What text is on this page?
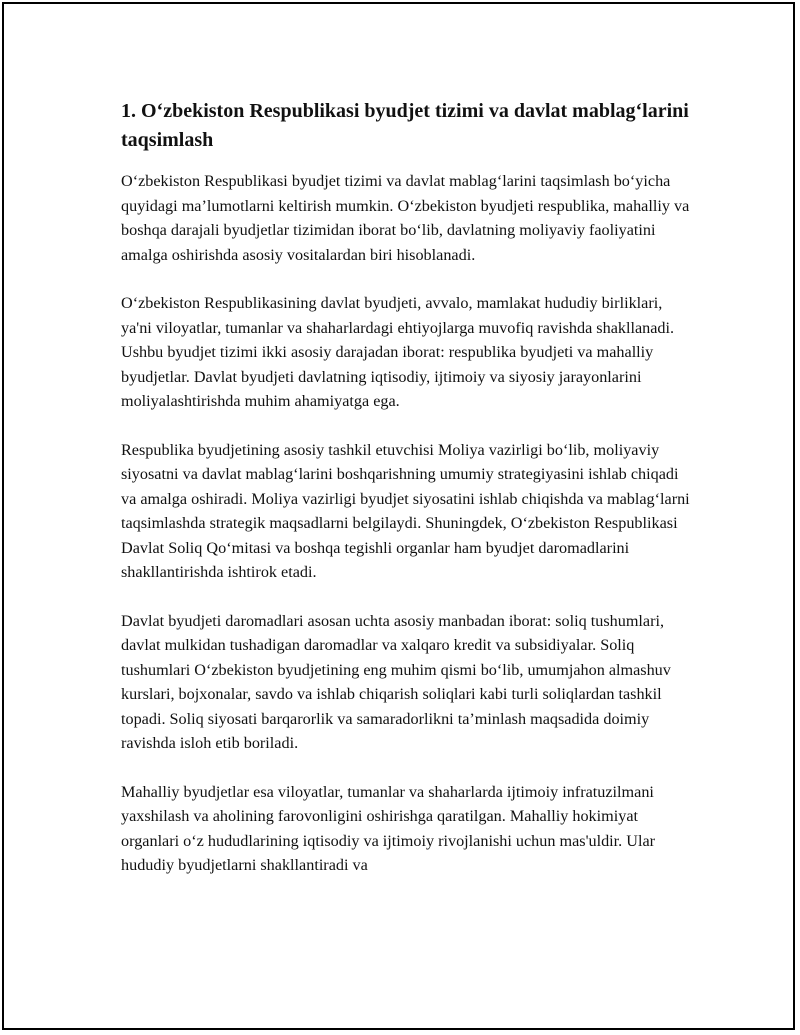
1. O‘zbekiston Respublikasi byudjet tizimi va davlat mablag‘larini taqsimlash

O‘zbekiston Respublikasi byudjet tizimi va davlat mablag‘larini taqsimlash bo‘yicha quyidagi ma’lumotlarni keltirish mumkin. O‘zbekiston byudjeti respublika, mahalliy va boshqa darajali byudjetlar tizimidan iborat bo‘lib, davlatning moliyaviy faoliyatini amalga oshirishda asosiy vositalardan biri hisoblanadi.

O‘zbekiston Respublikasining davlat byudjeti, avvalo, mamlakat hududiy birliklari, ya'ni viloyatlar, tumanlar va shaharlardagi ehtiyojlarga muvofiq ravishda shakllanadi. Ushbu byudjet tizimi ikki asosiy darajadan iborat: respublika byudjeti va mahalliy byudjetlar. Davlat byudjeti davlatning iqtisodiy, ijtimoiy va siyosiy jarayonlarini moliyalashtirishda muhim ahamiyatga ega.

Respublika byudjetining asosiy tashkil etuvchisi Moliya vazirligi bo‘lib, moliyaviy siyosatni va davlat mablag‘larini boshqarishning umumiy strategiyasini ishlab chiqadi va amalga oshiradi. Moliya vazirligi byudjet siyosatini ishlab chiqishda va mablag‘larni taqsimlashda strategik maqsadlarni belgilaydi. Shuningdek, O‘zbekiston Respublikasi Davlat Soliq Qo‘mitasi va boshqa tegishli organlar ham byudjet daromadlarini shakllantirishda ishtirok etadi.

Davlat byudjeti daromadlari asosan uchta asosiy manbadan iborat: soliq tushumlari, davlat mulkidan tushadigan daromadlar va xalqaro kredit va subsidiyalar. Soliq tushumlari O‘zbekiston byudjetining eng muhim qismi bo‘lib, umumjahon almashuv kurslari, bojxonalar, savdo va ishlab chiqarish soliqlari kabi turli soliqlardan tashkil topadi. Soliq siyosati barqarorlik va samaradorlikni ta’minlash maqsadida doimiy ravishda isloh etib boriladi.

Mahalliy byudjetlar esa viloyatlar, tumanlar va shaharlarda ijtimoiy infratuzilmani yaxshilash va aholining farovonligini oshirishga qaratilgan. Mahalliy hokimiyat organlari o‘z hududlarining iqtisodiy va ijtimoiy rivojlanishi uchun mas'uldir. Ular hududiy byudjetlarni shakllantiradi va
